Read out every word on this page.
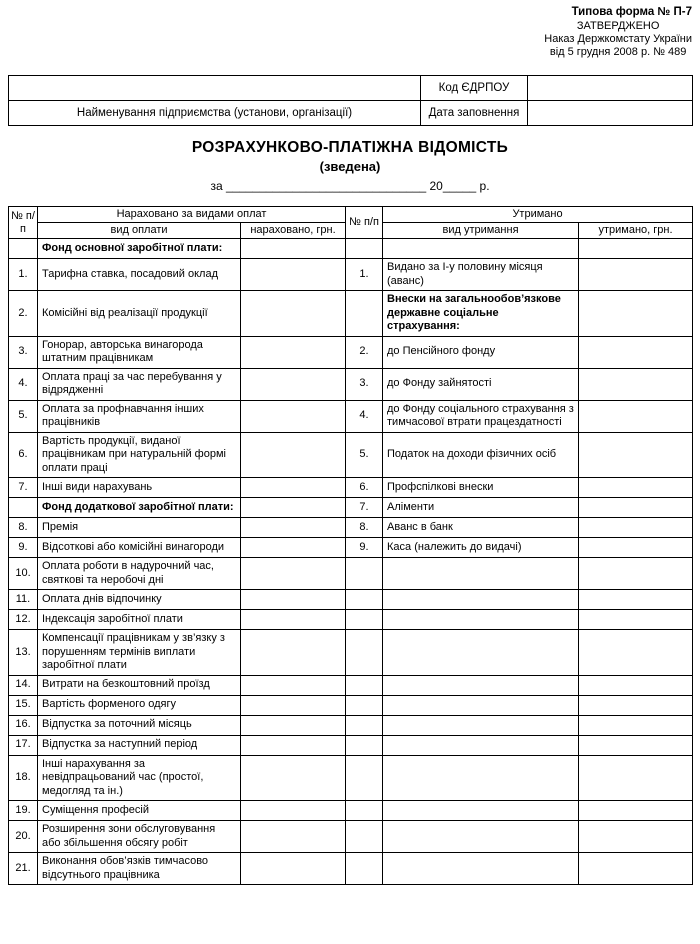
Типова форма № П-7
ЗАТВЕРДЖЕНО
Наказ Держкомстату України
від 5 грудня 2008 р. № 489
	Код ЄДРПОУ	
Найменування підприємства (установи, організації)	Дата заповнення	
РОЗРАХУНКОВО-ПЛАТІЖНА ВІДОМІСТЬ
(зведена)
за ______________________________ 20_____ р.
№ п/п	Нараховано за видами оплат		№ п/п	Утримано	
	вид оплати	нараховано, грн.		вид утримання	утримано, грн.
	Фонд основної заробітної плати:				
1.	Тарифна ставка, посадовий оклад		1.	Видано за І-у половину місяця (аванс)	
2.	Комісійні від реалізації продукції			Внески на загальнообов’язкове державне соціальне страхування:	
3.	Гонорар, авторська винагорода штатним працівникам		2.	до Пенсійного фонду	
4.	Оплата праці за час перебування у відрядженні		3.	до Фонду зайнятості	
5.	Оплата за профнавчання інших працівників		4.	до Фонду соціального страхування з тимчасової втрати працездатності	
6.	Вартість продукції, виданої працівникам при натуральній формі оплати праці		5.	Податок на доходи фізичних осіб	
7.	Інші види нарахувань		6.	Профспілкові внески	
	Фонд додаткової заробітної плати:		7.	Аліменти	
8.	Премія		8.	Аванс в банк	
9.	Відсоткові або комісійні винагороди		9.	Каса (належить до видачі)	
10.	Оплата роботи в надурочний час, святкові та неробочі дні				
11.	Оплата днів відпочинку				
12.	Індексація заробітної плати				
13.	Компенсації працівникам у зв’язку з порушенням термінів виплати заробітної плати				
14.	Витрати на безкоштовний проїзд				
15.	Вартість форменого одягу				
16.	Відпустка за поточний місяць				
17.	Відпустка за наступний період				
18.	Інші нарахування за невідпрацьований час (простої, медогляд та ін.)				
19.	Суміщення професій				
20.	Розширення зони обслуговування або збільшення обсягу робіт				
21.	Виконання обов’язків тимчасово відсутнього працівника				
